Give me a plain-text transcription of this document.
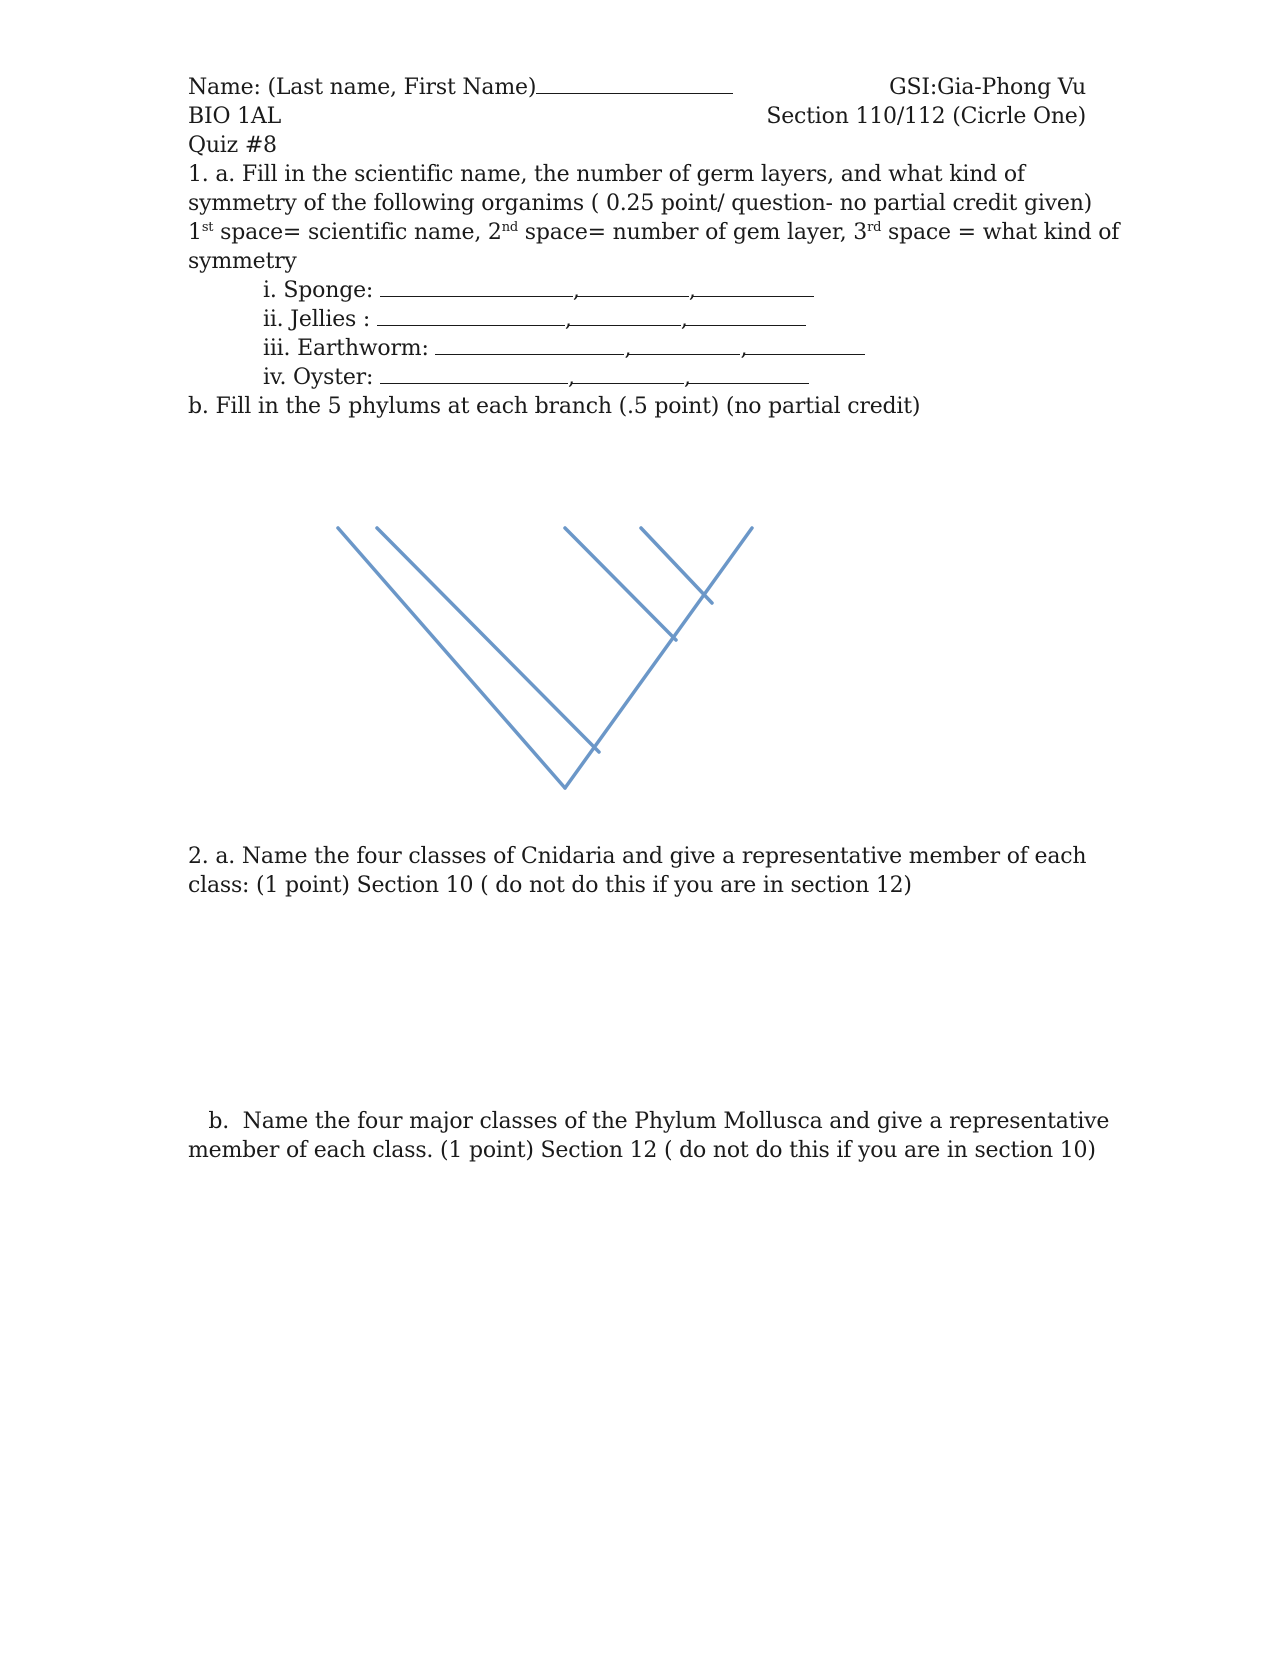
Name: (Last name, First Name)	GSI:Gia-Phong Vu
BIO 1AL	Section 110/112 (Cicrle One)
Quiz #8
1. a. Fill in the scientific name, the number of germ layers, and what kind of
symmetry of the following organims ( 0.25 point/ question- no partial credit given)
1st space= scientific name, 2nd space= number of gem layer, 3rd space = what kind of
symmetry
i. Sponge:	,	,
ii. Jellies :	,	,
iii. Earthworm:	,	,
iv. Oyster:	,	,
b. Fill in the 5 phylums at each branch (.5 point) (no partial credit)
2. a. Name the four classes of Cnidaria and give a representative member of each
class: (1 point) Section 10 ( do not do this if you are in section 12)
b.  Name the four major classes of the Phylum Mollusca and give a representative
member of each class. (1 point) Section 12 ( do not do this if you are in section 10)
